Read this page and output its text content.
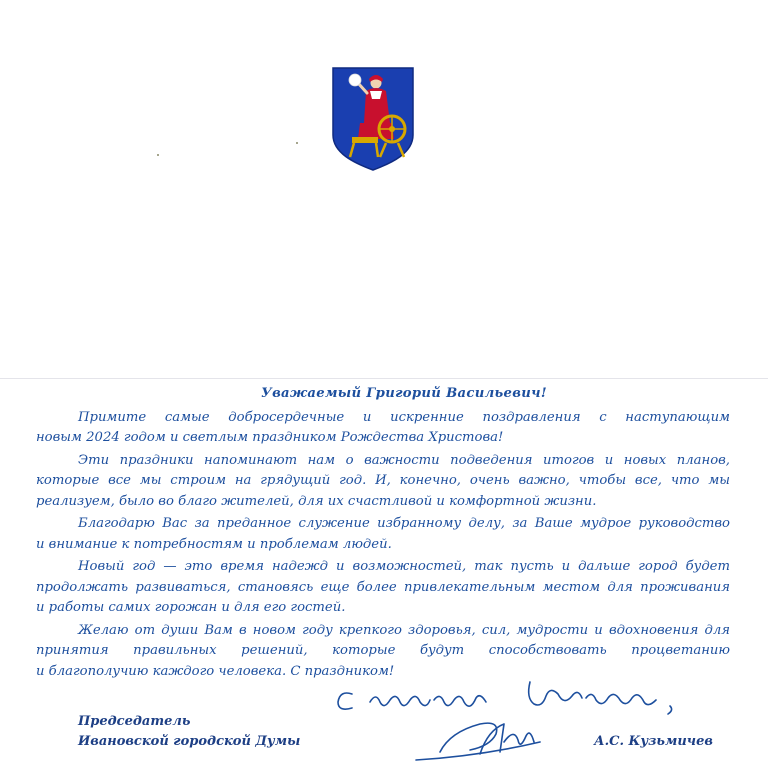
Уважаемый Григорий Васильевич!
Примите самые добросердечные и искренние поздравления с наступающим
новым 2024 годом и светлым праздником Рождества Христова!
Эти праздники напоминают нам о важности подведения итогов и новых планов,
которые все мы строим на грядущий год. И, конечно, очень важно, чтобы все, что мы
реализуем, было во благо жителей, для их счастливой и комфортной жизни.
Благодарю Вас за преданное служение избранному делу, за Ваше мудрое руководство
и внимание к потребностям и проблемам людей.
Новый год — это время надежд и возможностей, так пусть и дальше город будет
продолжать развиваться, становясь еще более привлекательным местом для проживания
и работы самих горожан и для его гостей.
Желаю от души Вам в новом году крепкого здоровья, сил, мудрости и вдохновения для
принятия правильных решений, которые будут способствовать процветанию
и благополучию каждого человека. С праздником!
Председатель
Ивановской городской Думы	А.С. Кузьмичев
